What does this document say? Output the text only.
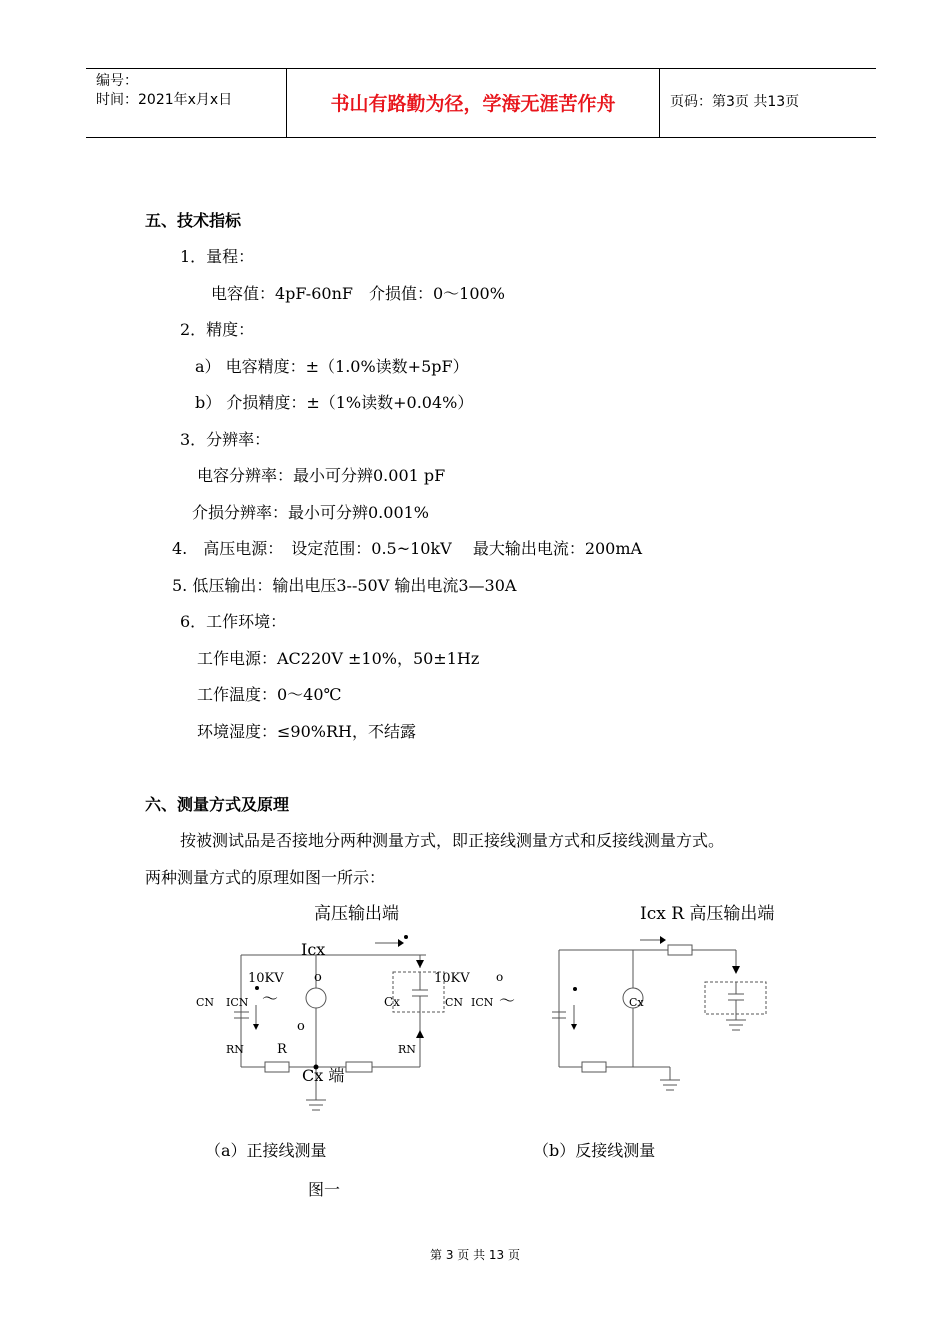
编号：
时间：2021年x月x日	书山有路勤为径，学海无涯苦作舟	页码：第3页 共13页
五、技术指标
1．量程：
电容值：4pF-60nF　介损值：0～100%
2．精度：
a） 电容精度：±（1.0%读数+5pF）
b） 介损精度：±（1%读数+0.04%）
3．分辨率：
电容分辨率：最小可分辨0.001 pF
介损分辨率：最小可分辨0.001%
4.　高压电源：　设定范围：0.5~10kV　 最大输出电流：200mA
5. 低压输出：输出电压3--50V 输出电流3—30A
6．工作环境：
工作电源：AC220V ±10%，50±1Hz
工作温度：0～40℃
环境湿度：≤90%RH，不结露
六、测量方式及原理
按被测试品是否接地分两种测量方式，即正接线测量方式和反接线测量方式。
两种测量方式的原理如图一所示：
高压输出端
Icx
10KV	10KV
o
o
o
CN ICN ～	Cx	CN ICN
RN	R	RN
Cx 端
～
Icx R 高压输出端
Cx
（a）正接线测量	（b）反接线测量
图一
第 3 页 共 13 页
